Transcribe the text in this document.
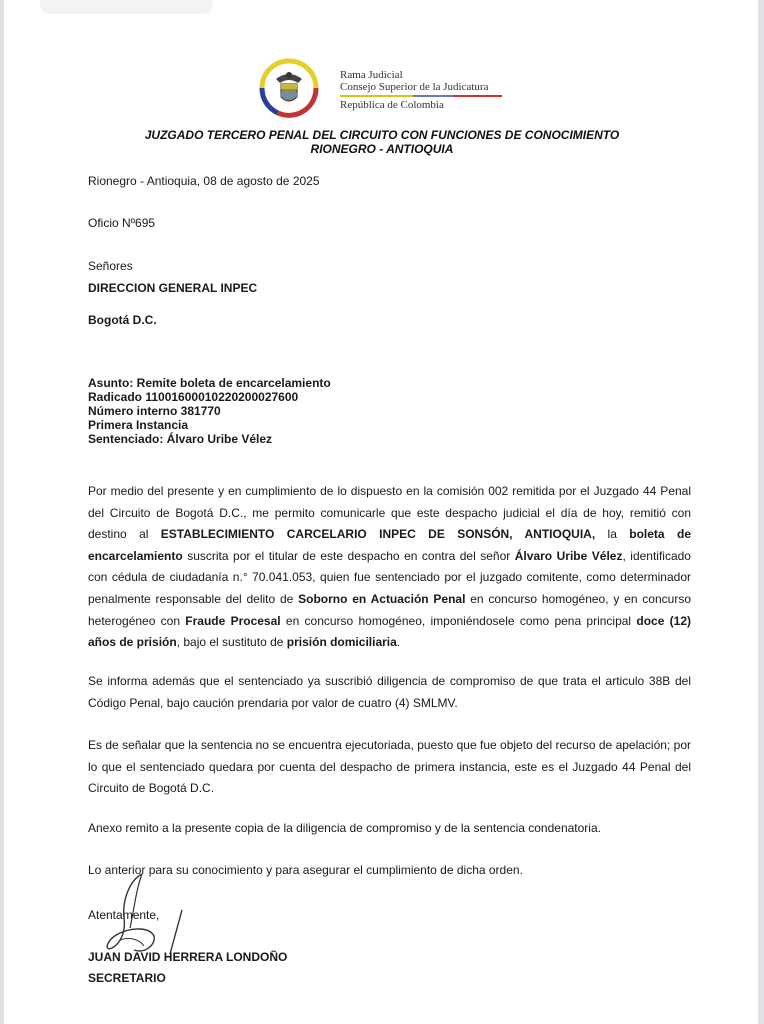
Rama Judicial
Consejo Superior de la Judicatura
República de Colombia
JUZGADO TERCERO PENAL DEL CIRCUITO CON FUNCIONES DE CONOCIMIENTO
RIONEGRO - ANTIOQUIA
Rionegro - Antioquia, 08 de agosto de 2025
Oficio Nº695
Señores
DIRECCION GENERAL INPEC
Bogotá D.C.
Asunto: Remite boleta de encarcelamiento
Radicado 11001600010220200027600
Número interno 381770
Primera Instancia
Sentenciado: Álvaro Uribe Vélez
Por medio del presente y en cumplimiento de lo dispuesto en la comisión 002 remitida por el Juzgado 44 Penal del Circuito de Bogotá D.C., me permito comunicarle que este despacho judicial el día de hoy, remitió con destino al ESTABLECIMIENTO CARCELARIO INPEC DE SONSÓN, ANTIOQUIA, la boleta de encarcelamiento suscrita por el titular de este despacho en contra del señor Álvaro Uribe Vélez, identificado con cédula de ciudadanía n.° 70.041.053, quien fue sentenciado por el juzgado comitente, como determinador penalmente responsable del delito de Soborno en Actuación Penal en concurso homogéneo, y en concurso heterogéneo con Fraude Procesal en concurso homogéneo, imponiéndosele como pena principal doce (12) años de prisión, bajo el sustituto de prisión domiciliaria.
Se informa además que el sentenciado ya suscribió diligencia de compromiso de que trata el articulo 38B del Código Penal, bajo caución prendaria por valor de cuatro (4) SMLMV.
Es de señalar que la sentencia no se encuentra ejecutoriada, puesto que fue objeto del recurso de apelación; por lo que el sentenciado quedara por cuenta del despacho de primera instancia, este es el Juzgado 44 Penal del Circuito de Bogotá D.C.
Anexo remito a la presente copia de la diligencia de compromiso y de la sentencia condenatoria.
Lo anterior para su conocimiento y para asegurar el cumplimiento de dicha orden.
Atentamente,
JUAN DAVID HERRERA LONDOÑO
SECRETARIO
